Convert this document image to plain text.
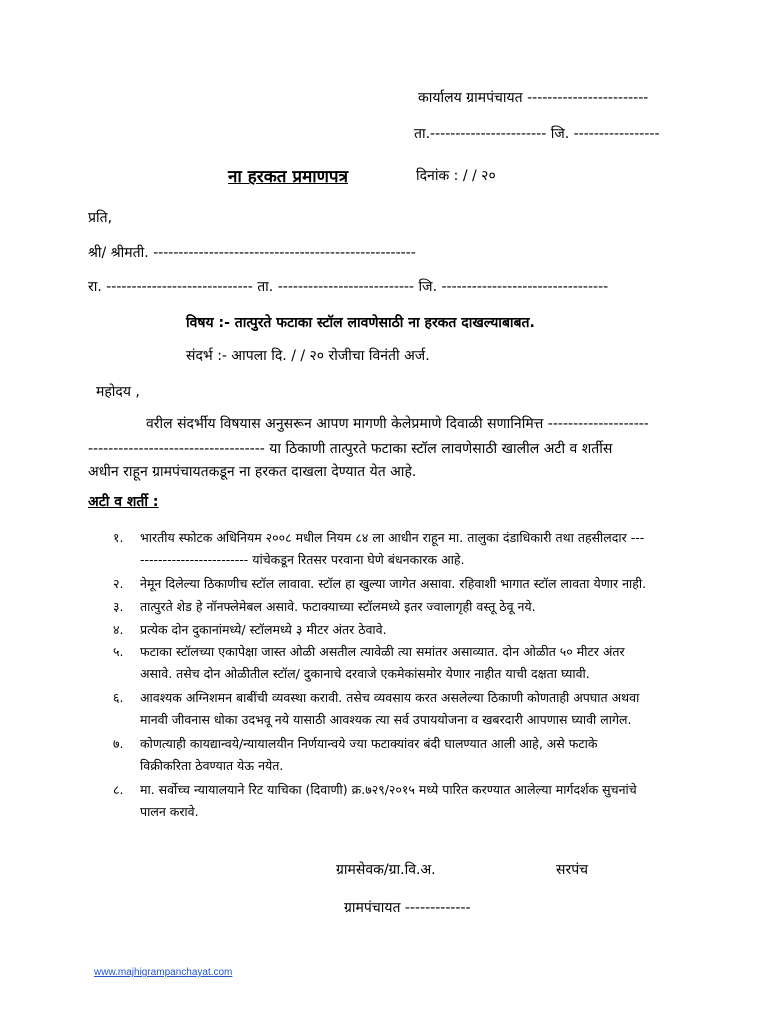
कार्यालय ग्रामपंचायत ------------------------
ता.----------------------- जि. -----------------
ना हरकत प्रमाणपत्र	दिनांक : / / २०
प्रति,
श्री/ श्रीमती. ----------------------------------------------------
रा. ----------------------------- ता. --------------------------- जि. ---------------------------------
विषय :- तात्पुरते फटाका स्टॉल लावणेसाठी ना हरकत दाखल्याबाबत.
संदर्भ :- आपला दि. / / २० रोजीचा विनंती अर्ज.
महोदय ,
वरील संदर्भीय विषयास अनुसरून आपण मागणी केलेप्रमाणे दिवाळी सणानिमित्त --------------------
----------------------------------- या ठिकाणी तात्पुरते फटाका स्टॉल लावणेसाठी खालील अटी व शर्तीस
अधीन राहून ग्रामपंचायतकडून ना हरकत दाखला देण्यात येत आहे.
अटी व शर्ती :
१. भारतीय स्फोटक अधिनियम २००८ मधील नियम ८४ ला आधीन राहून मा. तालुका दंडाधिकारी तथा तहसीलदार ---
------------------------ यांचेकडून रितसर परवाना घेणे बंधनकारक आहे.
२. नेमून दिलेल्या ठिकाणीच स्टॉल लावावा. स्टॉल हा खुल्या जागेत असावा. रहिवाशी भागात स्टॉल लावता येणार नाही.
३. तात्पुरते शेड हे नॉनफ्लेमेबल असावे. फटाक्याच्या स्टॉलमध्ये इतर ज्वालागृही वस्तू ठेवू नये.
४. प्रत्येक दोन दुकानांमध्ये/ स्टॉलमध्ये ३ मीटर अंतर ठेवावे.
५. फटाका स्टॉलच्या एकापेक्षा जास्त ओळी असतील त्यावेळी त्या समांतर असाव्यात. दोन ओळीत ५० मीटर अंतर
असावे. तसेच दोन ओळीतील स्टॉल/ दुकानाचे दरवाजे एकमेकांसमोर येणार नाहीत याची दक्षता घ्यावी.
६. आवश्यक अग्निशमन बाबींची व्यवस्था करावी. तसेच व्यवसाय करत असलेल्या ठिकाणी कोणताही अपघात अथवा
मानवी जीवनास धोका उदभवू नये यासाठी आवश्यक त्या सर्व उपाययोजना व खबरदारी आपणास घ्यावी लागेल.
७. कोणत्याही कायद्यान्वये/न्यायालयीन निर्णयान्वये ज्या फटाक्यांवर बंदी घालण्यात आली आहे, असे फटाके
विक्रीकरिता ठेवण्यात येऊ नयेत.
८. मा. सर्वोच्च न्यायालयाने रिट याचिका (दिवाणी) क्र.७२९/२०१५ मध्ये पारित करण्यात आलेल्या मार्गदर्शक सुचनांचे
पालन करावे.
ग्रामसेवक/ग्रा.वि.अ.	सरपंच
ग्रामपंचायत -------------
www.majhigrampanchayat.com
